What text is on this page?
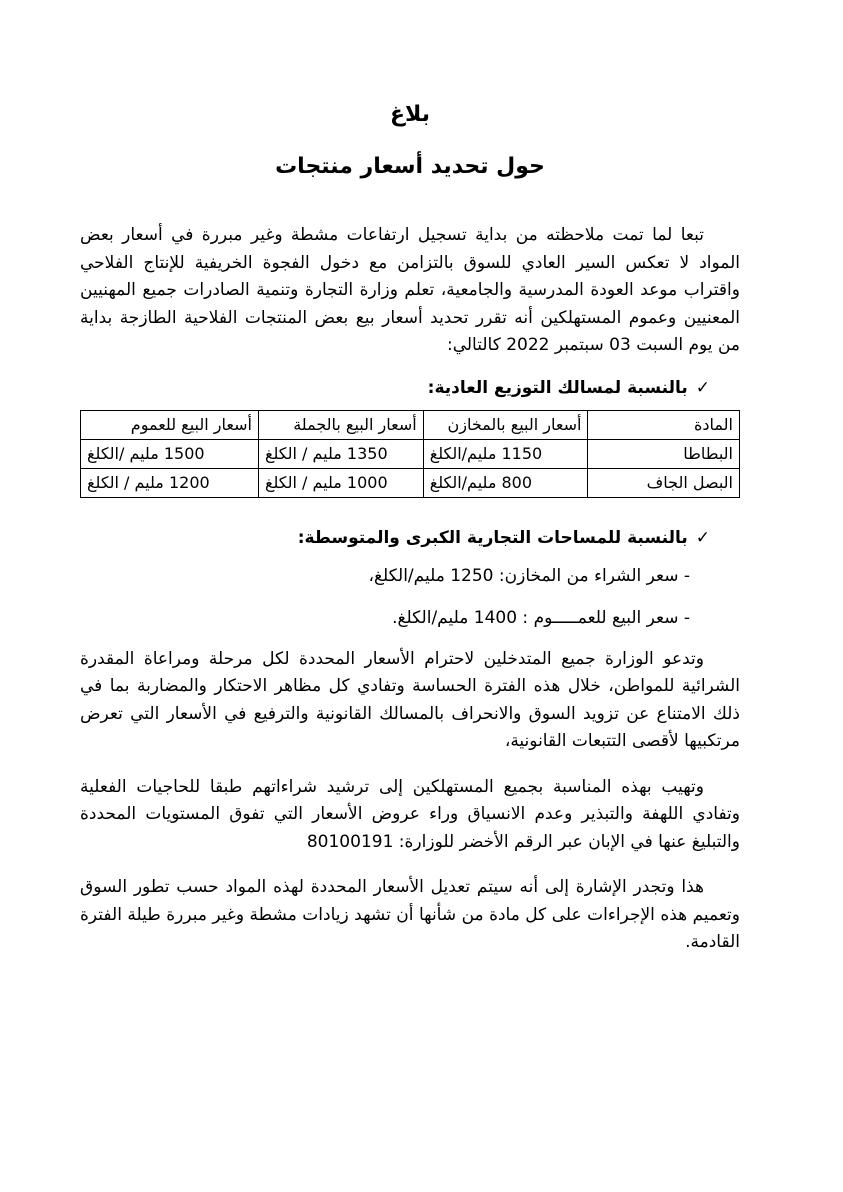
بلاغ
حول تحديد أسعار منتجات

تبعا لما تمت ملاحظته من بداية تسجيل ارتفاعات مشطة وغير مبررة في أسعار بعض المواد لا تعكس السير العادي للسوق بالتزامن مع دخول الفجوة الخريفية للإنتاج الفلاحي واقتراب موعد العودة المدرسية والجامعية، تعلم وزارة التجارة وتنمية الصادرات جميع المهنيين المعنيين وعموم المستهلكين أنه تقرر تحديد أسعار بيع بعض المنتجات الفلاحية الطازجة بداية من يوم السبت 03 سبتمبر 2022 كالتالي:

✓بالنسبة لمسالك التوزيع العادية:
المادة	أسعار البيع بالمخازن	أسعار البيع بالجملة	أسعار البيع للعموم
البطاطا	1150 مليم/الكلغ	1350 مليم / الكلغ	1500 مليم /الكلغ
البصل الجاف	800 مليم/الكلغ	1000 مليم / الكلغ	1200 مليم / الكلغ
✓بالنسبة للمساحات التجارية الكبرى والمتوسطة:
- سعر الشراء من المخازن: 1250 مليم/الكلغ،
- سعر البيع للعمـــــوم : 1400 مليم/الكلغ.

وتدعو الوزارة جميع المتدخلين لاحترام الأسعار المحددة لكل مرحلة ومراعاة المقدرة الشرائية للمواطن، خلال هذه الفترة الحساسة وتفادي كل مظاهر الاحتكار والمضاربة بما في ذلك الامتناع عن تزويد السوق والانحراف بالمسالك القانونية والترفيع في الأسعار التي تعرض مرتكبيها لأقصى التتبعات القانونية،

وتهيب بهذه المناسبة بجميع المستهلكين إلى ترشيد شراءاتهم طبقا للحاجيات الفعلية وتفادي اللهفة والتبذير وعدم الانسياق وراء عروض الأسعار التي تفوق المستويات المحددة والتبليغ عنها في الإبان عبر الرقم الأخضر للوزارة: 80100191

هذا وتجدر الإشارة إلى أنه سيتم تعديل الأسعار المحددة لهذه المواد حسب تطور السوق وتعميم هذه الإجراءات على كل مادة من شأنها أن تشهد زيادات مشطة وغير مبررة طيلة الفترة القادمة.
